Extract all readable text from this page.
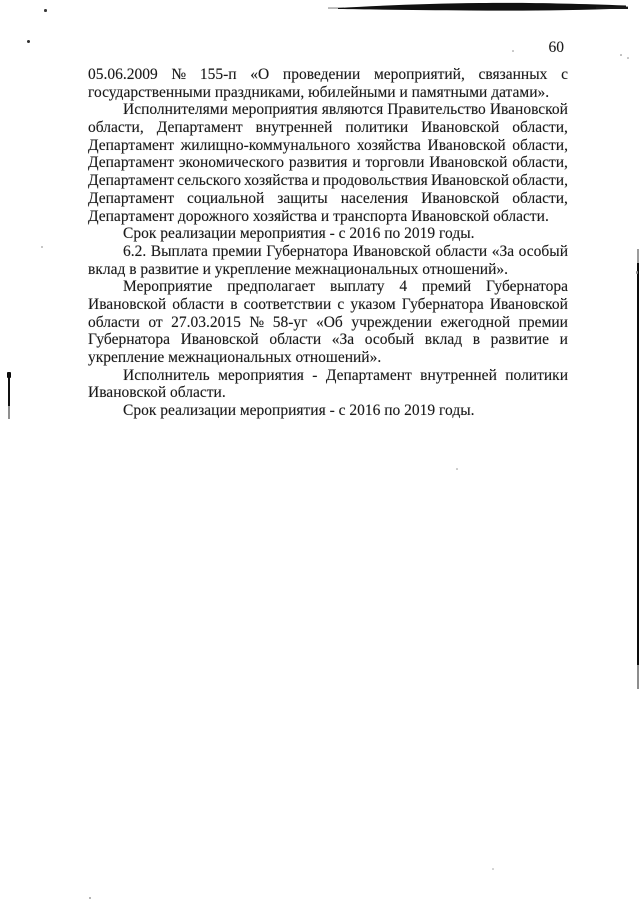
60
05.06.2009 № 155-п «О проведении мероприятий, связанных с
государственными праздниками, юбилейными и памятными датами».
Исполнителями мероприятия являются Правительство Ивановской
области, Департамент внутренней политики Ивановской области,
Департамент жилищно-коммунального хозяйства Ивановской области,
Департамент экономического развития и торговли Ивановской области,
Департамент сельского хозяйства и продовольствия Ивановской области,
Департамент социальной защиты населения Ивановской области,
Департамент дорожного хозяйства и транспорта Ивановской области.
Срок реализации мероприятия - с 2016 по 2019 годы.
6.2. Выплата премии Губернатора Ивановской области «За особый
вклад в развитие и укрепление межнациональных отношений».
Мероприятие предполагает выплату 4 премий Губернатора
Ивановской области в соответствии с указом Губернатора Ивановской
области от 27.03.2015 № 58-уг «Об учреждении ежегодной премии
Губернатора Ивановской области «За особый вклад в развитие и
укрепление межнациональных отношений».
Исполнитель мероприятия - Департамент внутренней политики
Ивановской области.
Срок реализации мероприятия - с 2016 по 2019 годы.
